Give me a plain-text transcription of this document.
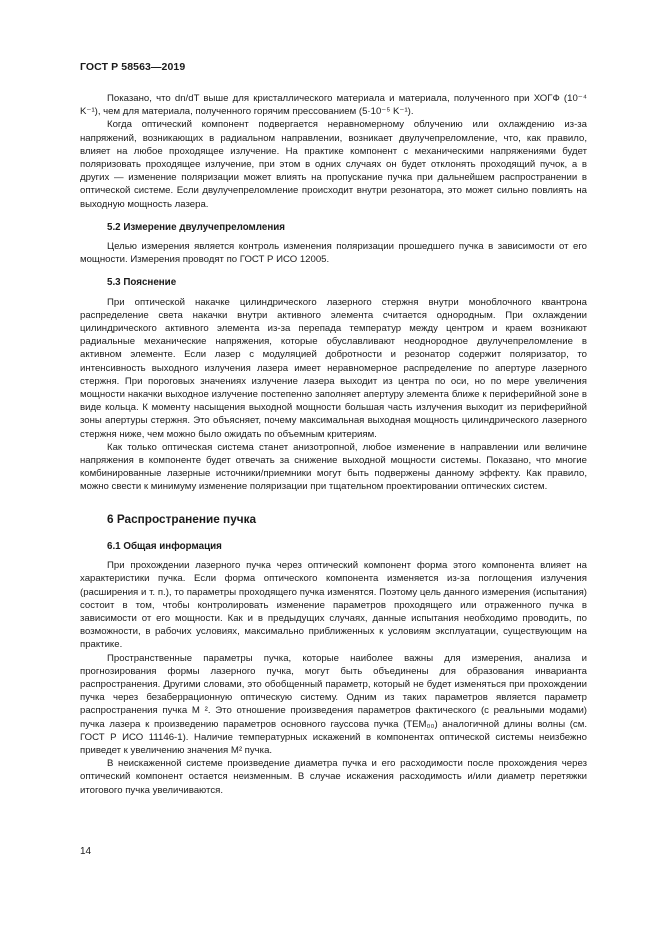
ГОСТ Р 58563—2019

Показано, что dn/dT выше для кристаллического материала и материала, полученного при ХОГФ (10⁻⁴ K⁻¹), чем для материала, полученного горячим прессованием (5·10⁻⁵ K⁻¹).

Когда оптический компонент подвергается неравномерному облучению или охлаждению из-за напряжений, возникающих в радиальном направлении, возникает двулучепреломление, что, как правило, влияет на любое проходящее излучение. На практике компонент с механическими напряжениями будет поляризовать проходящее излучение, при этом в одних случаях он будет отклонять проходящий пучок, а в других — изменение поляризации может влиять на пропускание пучка при дальнейшем распространении в оптической системе. Если двулучепреломление происходит внутри резонатора, это может сильно повлиять на выходную мощность лазера.

5.2 Измерение двулучепреломления

Целью измерения является контроль изменения поляризации прошедшего пучка в зависимости от его мощности. Измерения проводят по ГОСТ Р ИСО 12005.

5.3 Пояснение

При оптической накачке цилиндрического лазерного стержня внутри моноблочного квантрона распределение света накачки внутри активного элемента считается однородным. При охлаждении цилиндрического активного элемента из-за перепада температур между центром и краем возникают радиальные механические напряжения, которые обуславливают неоднородное двулучепреломление в активном элементе. Если лазер с модуляцией добротности и резонатор содержит поляризатор, то интенсивность выходного излучения лазера имеет неравномерное распределение по апертуре лазерного стержня. При пороговых значениях излучение лазера выходит из центра по оси, но по мере увеличения мощности накачки выходное излучение постепенно заполняет апертуру элемента ближе к периферийной зоне в виде кольца. К моменту насыщения выходной мощности большая часть излучения выходит из периферийной зоны апертуры стержня. Это объясняет, почему максимальная выходная мощность цилиндрического лазерного стержня ниже, чем можно было ожидать по объемным критериям.

Как только оптическая система станет анизотропной, любое изменение в направлении или величине напряжения в компоненте будет отвечать за снижение выходной мощности системы. Показано, что многие комбинированные лазерные источники/приемники могут быть подвержены данному эффекту. Как правило, можно свести к минимуму изменение поляризации при тщательном проектировании оптических систем.

6 Распространение пучка
6.1 Общая информация

При прохождении лазерного пучка через оптический компонент форма этого компонента влияет на характеристики пучка. Если форма оптического компонента изменяется из-за поглощения излучения (расширения и т. п.), то параметры проходящего пучка изменятся. Поэтому цель данного измерения (испытания) состоит в том, чтобы контролировать изменение параметров проходящего или отраженного пучка в зависимости от его мощности. Как и в предыдущих случаях, данные испытания необходимо проводить, по возможности, в рабочих условиях, максимально приближенных к условиям эксплуатации, существующим на практике.

Пространственные параметры пучка, которые наиболее важны для измерения, анализа и прогнозирования формы лазерного пучка, могут быть объединены для образования инварианта распространения. Другими словами, это обобщенный параметр, который не будет изменяться при прохождении пучка через безаберрационную оптическую систему. Одним из таких параметров является параметр распространения пучка M ². Это отношение произведения параметров фактического (с реальными модами) пучка лазера к произведению параметров основного гауссова пучка (TEM₀₀) аналогичной длины волны (см. ГОСТ Р ИСО 11146-1). Наличие температурных искажений в компонентах оптической системы неизбежно приведет к увеличению значения M² пучка.

В неискаженной системе произведение диаметра пучка и его расходимости после прохождения через оптический компонент остается неизменным. В случае искажения расходимость и/или диаметр перетяжки итогового пучка увеличиваются.

14
